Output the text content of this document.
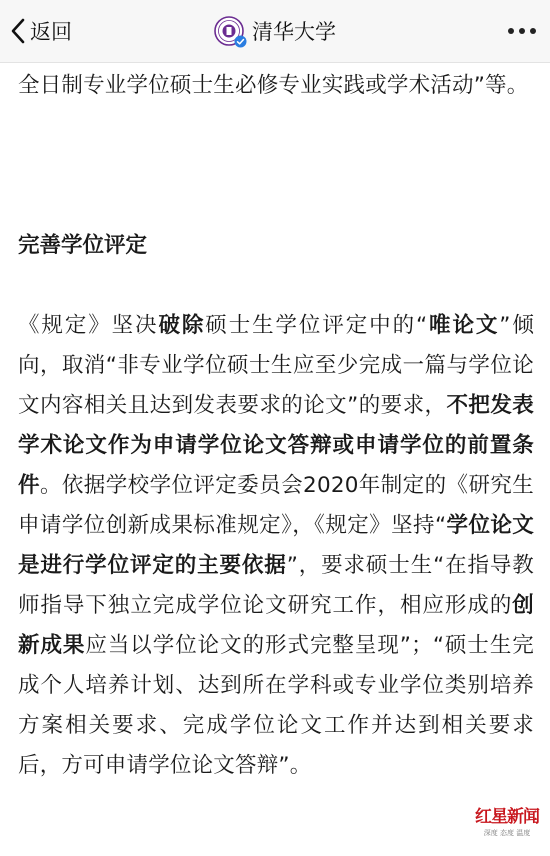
返回	清华大学

全日制专业学位硕士生必修专业实践或学术活动”等。

完善学位评定

《规定》坚决破除硕士生学位评定中的“唯论文”倾向，取消“非专业学位硕士生应至少完成一篇与学位论文内容相关且达到发表要求的论文”的要求，不把发表学术论文作为申请学位论文答辩或申请学位的前置条件。依据学校学位评定委员会2020年制定的《研究生申请学位创新成果标准规定》，《规定》坚持“学位论文是进行学位评定的主要依据”，要求硕士生“在指导教师指导下独立完成学位论文研究工作，相应形成的创新成果应当以学位论文的形式完整呈现”；“硕士生完成个人培养计划、达到所在学科或专业学位类别培养方案相关要求、完成学位论文工作并达到相关要求后，方可申请学位论文答辩”。

红星新闻
深度 态度 温度
